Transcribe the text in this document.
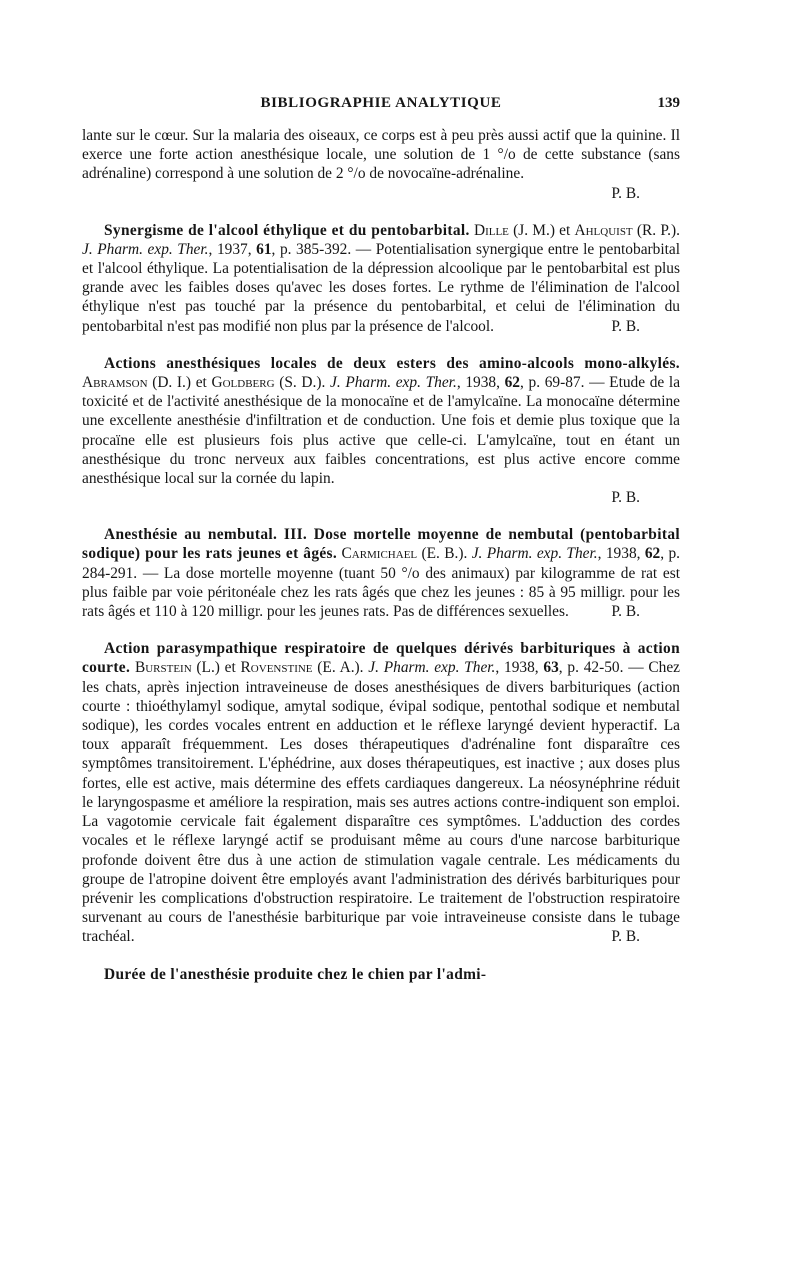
BIBLIOGRAPHIE ANALYTIQUE	139

lante sur le cœur. Sur la malaria des oiseaux, ce corps est à peu près aussi actif que la quinine. Il exerce une forte action anesthésique locale, une solution de 1 °/o de cette substance (sans adrénaline) correspond à une solution de 2 °/o de novocaïne-adrénaline.

P. B.

Synergisme de l'alcool éthylique et du pentobarbital. Dille (J. M.) et Ahlquist (R. P.). J. Pharm. exp. Ther., 1937, 61, p. 385-392. — Potentialisation synergique entre le pentobarbital et l'alcool éthylique. La potentialisation de la dépression alcoolique par le pentobarbital est plus grande avec les faibles doses qu'avec les doses fortes. Le rythme de l'élimination de l'alcool éthylique n'est pas touché par la présence du pentobarbital, et celui de l'élimination du pentobarbital n'est pas modifié non plus par la présence de l'alcool.	P. B.

Actions anesthésiques locales de deux esters des amino-alcools mono-alkylés. Abramson (D. I.) et Goldberg (S. D.). J. Pharm. exp. Ther., 1938, 62, p. 69-87. — Etude de la toxicité et de l'activité anesthésique de la monocaïne et de l'amylcaïne. La monocaïne détermine une excellente anesthésie d'infiltration et de conduction. Une fois et demie plus toxique que la procaïne elle est plusieurs fois plus active que celle-ci. L'amylcaïne, tout en étant un anesthésique du tronc nerveux aux faibles concentrations, est plus active encore comme anesthésique local sur la cornée du lapin.

P. B.

Anesthésie au nembutal. III. Dose mortelle moyenne de nembutal (pentobarbital sodique) pour les rats jeunes et âgés. Carmichael (E. B.). J. Pharm. exp. Ther., 1938, 62, p. 284-291. — La dose mortelle moyenne (tuant 50 °/o des animaux) par kilogramme de rat est plus faible par voie péritonéale chez les rats âgés que chez les jeunes : 85 à 95 milligr. pour les rats âgés et 110 à 120 milligr. pour les jeunes rats. Pas de différences sexuelles.	P. B.

Action parasympathique respiratoire de quelques dérivés barbituriques à action courte. Burstein (L.) et Rovenstine (E. A.). J. Pharm. exp. Ther., 1938, 63, p. 42-50. — Chez les chats, après injection intraveineuse de doses anesthésiques de divers barbituriques (action courte : thioéthylamyl sodique, amytal sodique, évipal sodique, pentothal sodique et nembutal sodique), les cordes vocales entrent en adduction et le réflexe laryngé devient hyperactif. La toux apparaît fréquemment. Les doses thérapeutiques d'adrénaline font disparaître ces symptômes transitoirement. L'éphédrine, aux doses thérapeutiques, est inactive ; aux doses plus fortes, elle est active, mais détermine des effets cardiaques dangereux. La néosynéphrine réduit le laryngospasme et améliore la respiration, mais ses autres actions contre-indiquent son emploi. La vagotomie cervicale fait également disparaître ces symptômes. L'adduction des cordes vocales et le réflexe laryngé actif se produisant même au cours d'une narcose barbiturique profonde doivent être dus à une action de stimulation vagale centrale. Les médicaments du groupe de l'atropine doivent être employés avant l'administration des dérivés barbituriques pour prévenir les complications d'obstruction respiratoire. Le traitement de l'obstruction respiratoire survenant au cours de l'anesthésie barbiturique par voie intraveineuse consiste dans le tubage trachéal.	P. B.

Durée de l'anesthésie produite chez le chien par l'admi-
